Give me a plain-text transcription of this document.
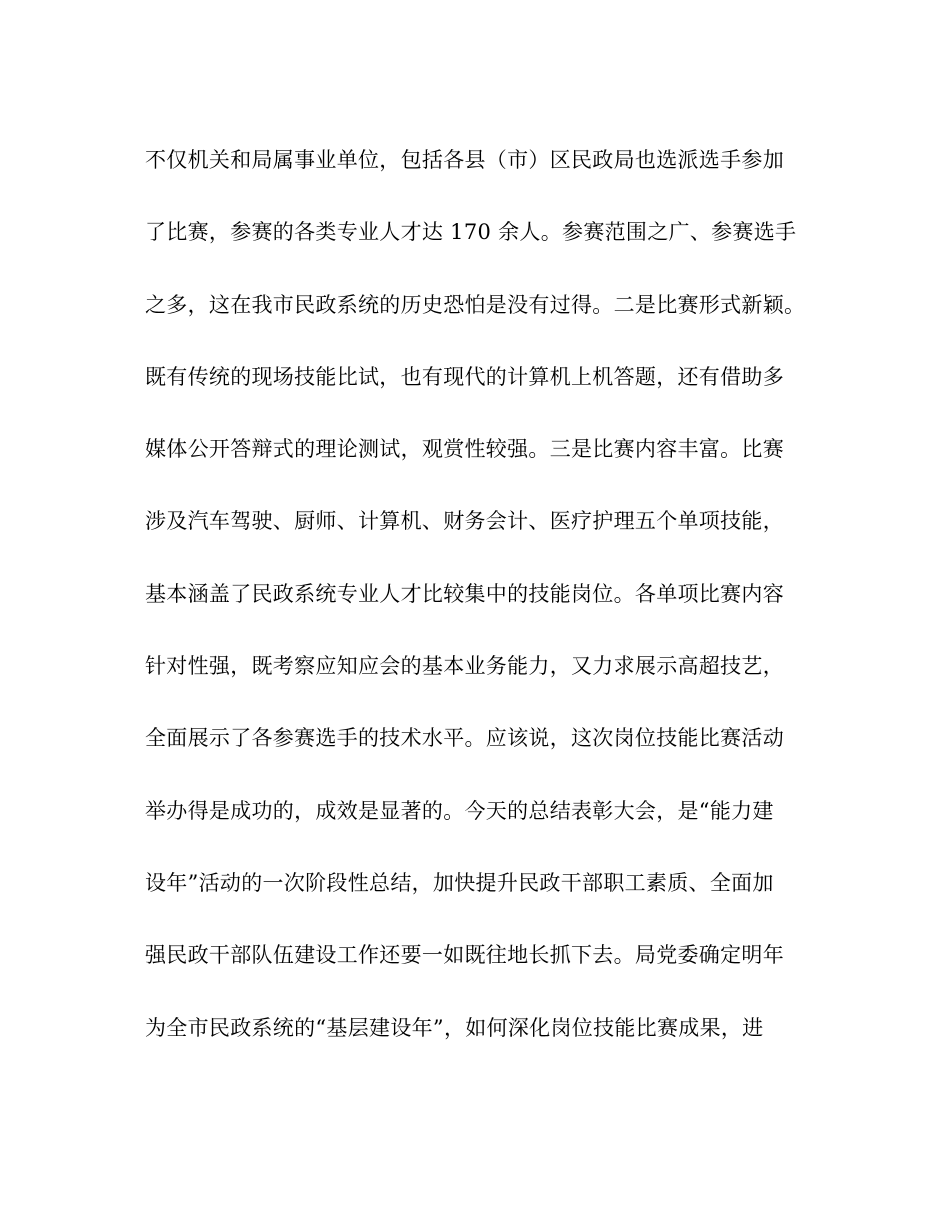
不仅机关和局属事业单位，包括各县（市）区民政局也选派选手参加
了比赛，参赛的各类专业人才达 170 余人。参赛范围之广、参赛选手
之多，这在我市民政系统的历史恐怕是没有过得。二是比赛形式新颖。
既有传统的现场技能比试，也有现代的计算机上机答题，还有借助多
媒体公开答辩式的理论测试，观赏性较强。三是比赛内容丰富。比赛
涉及汽车驾驶、厨师、计算机、财务会计、医疗护理五个单项技能，
基本涵盖了民政系统专业人才比较集中的技能岗位。各单项比赛内容
针对性强，既考察应知应会的基本业务能力，又力求展示高超技艺，
全面展示了各参赛选手的技术水平。应该说，这次岗位技能比赛活动
举办得是成功的，成效是显著的。今天的总结表彰大会，是“能力建
设年”活动的一次阶段性总结，加快提升民政干部职工素质、全面加
强民政干部队伍建设工作还要一如既往地长抓下去。局党委确定明年
为全市民政系统的“基层建设年”，如何深化岗位技能比赛成果，进
